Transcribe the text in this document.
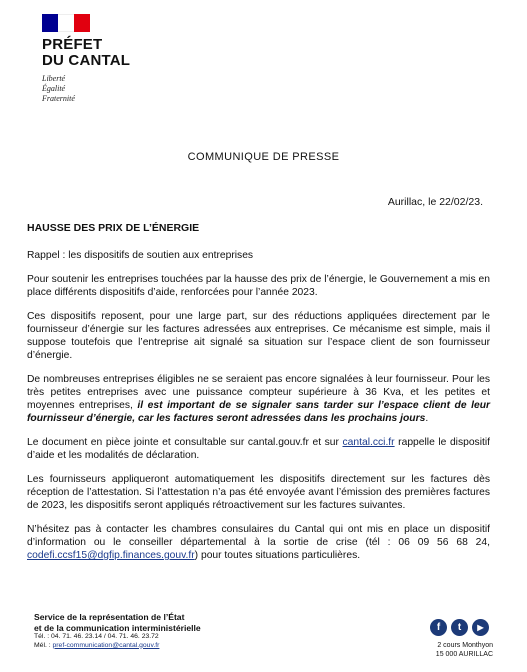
PRÉFET
DU CANTAL
Liberté
Égalité
Fraternité
COMMUNIQUE DE PRESSE
Aurillac, le 22/02/23.

HAUSSE DES PRIX DE L’ÉNERGIE

Rappel : les dispositifs de soutien aux entreprises

Pour soutenir les entreprises touchées par la hausse des prix de l’énergie, le Gouvernement a mis en place différents dispositifs d’aide, renforcées pour l’année 2023.

Ces dispositifs reposent, pour une large part, sur des réductions appliquées directement par le fournisseur d’énergie sur les factures adressées aux entreprises. Ce mécanisme est simple, mais il suppose toutefois que l’entreprise ait signalé sa situation sur l’espace client de son fournisseur d’énergie.

De nombreuses entreprises éligibles ne se seraient pas encore signalées à leur fournisseur. Pour les très petites entreprises avec une puissance compteur supérieure à 36 Kva, et les petites et moyennes entreprises, il est important de se signaler sans tarder sur l’espace client de leur fournisseur d’énergie, car les factures seront adressées dans les prochains jours.

Le document en pièce jointe et consultable sur cantal.gouv.fr et sur cantal.cci.fr rappelle le dispositif d’aide et les modalités de déclaration.

Les fournisseurs appliqueront automatiquement les dispositifs directement sur les factures dès réception de l’attestation. Si l’attestation n’a pas été envoyée avant l’émission des premières factures de 2023, les dispositifs seront appliqués rétroactivement sur les factures suivantes.

N’hésitez pas à contacter les chambres consulaires du Cantal qui ont mis en place un dispositif d’information ou le conseiller départemental à la sortie de crise (tél : 06 09 56 68 24, codefi.ccsf15@dgfip.finances.gouv.fr) pour toutes situations particulières.

Service de la représentation de l’État
et de la communication interministérielle
Tél. : 04. 71. 46. 23.14 / 04. 71. 46. 23.72
Mél. : pref-communication@cantal.gouv.fr
f	t	▶
2 cours Monthyon
15 000 AURILLAC
